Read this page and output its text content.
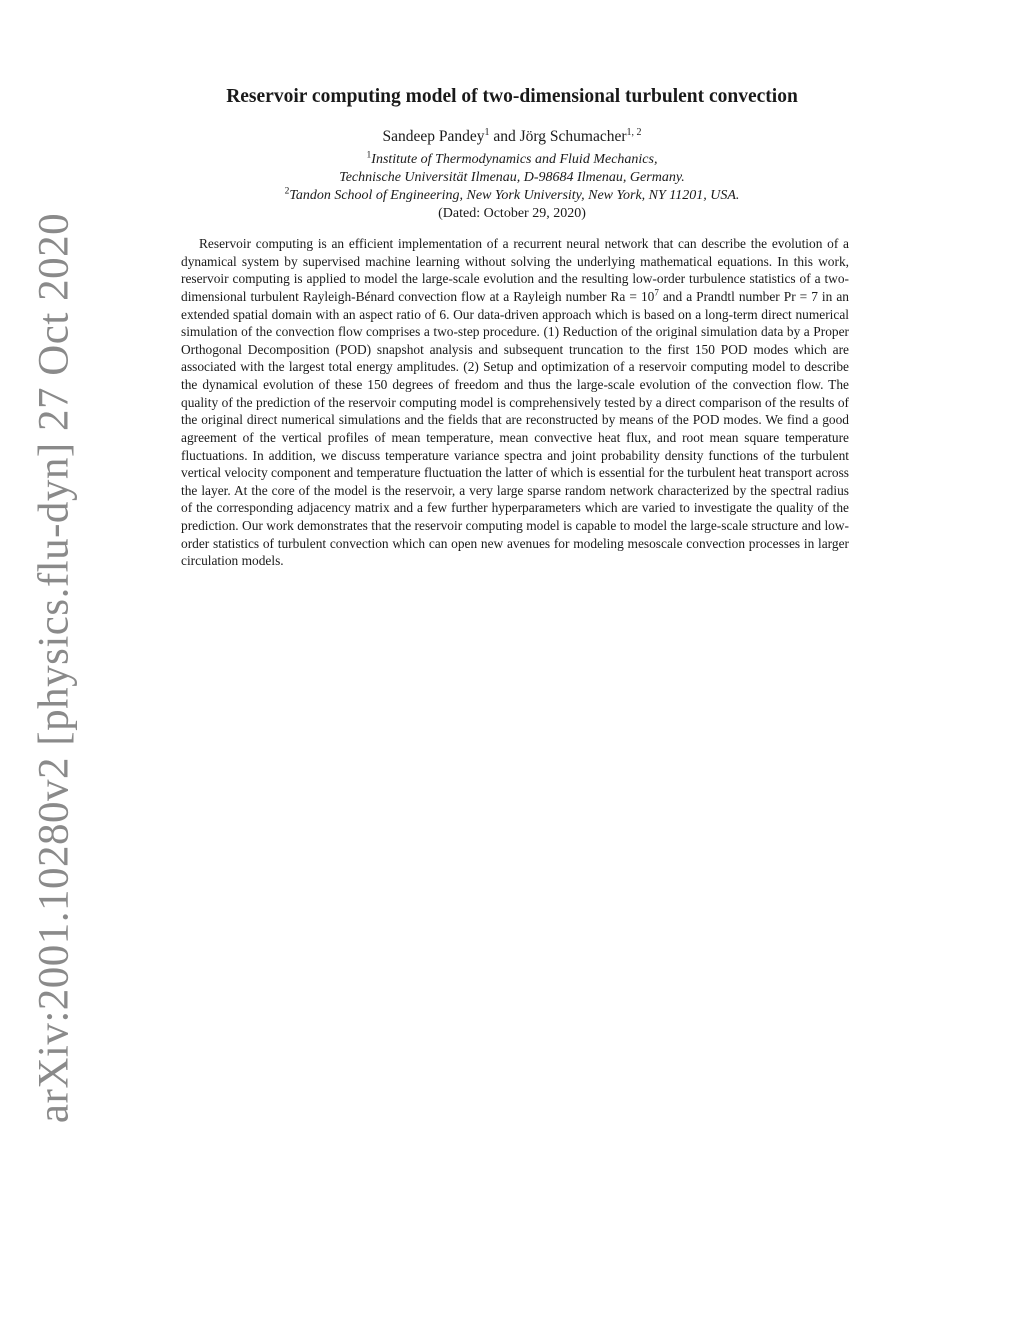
arXiv:2001.10280v2 [physics.flu-dyn] 27 Oct 2020
Reservoir computing model of two-dimensional turbulent convection
Sandeep Pandey$^1$ and Jörg Schumacher$^{1, 2}$
$^1$Institute of Thermodynamics and Fluid Mechanics,
Technische Universität Ilmenau, D-98684 Ilmenau, Germany.
$^2$Tandon School of Engineering, New York University, New York, NY 11201, USA.
(Dated: October 29, 2020)
Reservoir computing is an efficient implementation of a recurrent neural network that can describe the evolution of a dynamical system by supervised machine learning without solving the underlying mathematical equations. In this work, reservoir computing is applied to model the large-scale evolution and the resulting low-order turbulence statistics of a two-dimensional turbulent Rayleigh-Bénard convection flow at a Rayleigh number $Ra = 10^7$ and a Prandtl number Pr = 7 in an extended spatial domain with an aspect ratio of 6. Our data-driven approach which is based on a long-term direct numerical simulation of the convection flow comprises a two-step procedure. (1) Reduction of the original simulation data by a Proper Orthogonal Decomposition (POD) snapshot analysis and subsequent truncation to the first 150 POD modes which are associated with the largest total energy amplitudes. (2) Setup and optimization of a reservoir computing model to describe the dynamical evolution of these 150 degrees of freedom and thus the large-scale evolution of the convection flow. The quality of the prediction of the reservoir computing model is comprehensively tested by a direct comparison of the results of the original direct numerical simulations and the fields that are reconstructed by means of the POD modes. We find a good agreement of the vertical profiles of mean temperature, mean convective heat flux, and root mean square temperature fluctuations. In addition, we discuss temperature variance spectra and joint probability density functions of the turbulent vertical velocity component and temperature fluctuation the latter of which is essential for the turbulent heat transport across the layer. At the core of the model is the reservoir, a very large sparse random network characterized by the spectral radius of the corresponding adjacency matrix and a few further hyperparameters which are varied to investigate the quality of the prediction. Our work demonstrates that the reservoir computing model is capable to model the large-scale structure and low-order statistics of turbulent convection which can open new avenues for modeling mesoscale convection processes in larger circulation models.
